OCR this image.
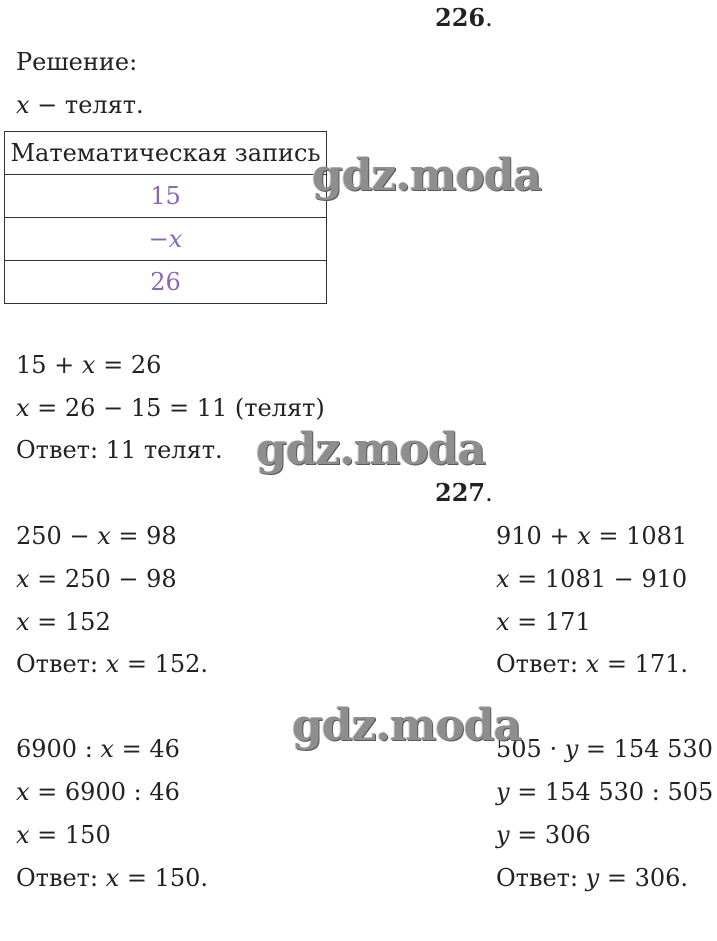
226.
Решение:
x − телят.
Математическая запись
15
−x
26
15 + x = 26
x = 26 − 15 = 11 (телят)
Ответ: 11 телят.
227.
250 − x = 98
x = 250 − 98
x = 152
Ответ: x = 152.
910 + x = 1081
x = 1081 − 910
x = 171
Ответ: x = 171.
6900 : x = 46
x = 6900 : 46
x = 150
Ответ: x = 150.
505 · y = 154 530
y = 154 530 : 505
y = 306
Ответ: y = 306.
gdz.moda
gdz.moda
gdz.moda
